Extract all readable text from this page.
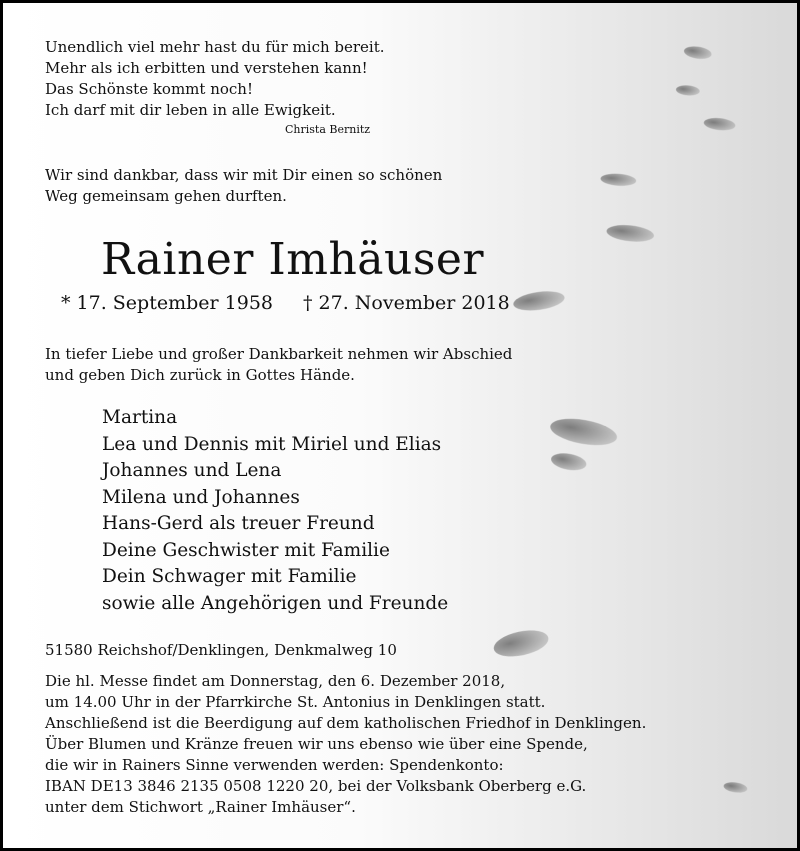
Unendlich viel mehr hast du für mich bereit.
Mehr als ich erbitten und verstehen kann!
Das Schönste kommt noch!
Ich darf mit dir leben in alle Ewigkeit.

Christa Bernitz

Wir sind dankbar, dass wir mit Dir einen so schönen
Weg gemeinsam gehen durften.

Rainer Imhäuser
* 17. September 1958 † 27. November 2018

In tiefer Liebe und großer Dankbarkeit nehmen wir Abschied
und geben Dich zurück in Gottes Hände.

Martina
Lea und Dennis mit Miriel und Elias
Johannes und Lena
Milena und Johannes
Hans-Gerd als treuer Freund
Deine Geschwister mit Familie
Dein Schwager mit Familie
sowie alle Angehörigen und Freunde

51580 Reichshof/Denklingen, Denkmalweg 10

Die hl. Messe findet am Donnerstag, den 6. Dezember 2018,
um 14.00 Uhr in der Pfarrkirche St. Antonius in Denklingen statt.
Anschließend ist die Beerdigung auf dem katholischen Friedhof in Denklingen.
Über Blumen und Kränze freuen wir uns ebenso wie über eine Spende,
die wir in Rainers Sinne verwenden werden: Spendenkonto:
IBAN DE13 3846 2135 0508 1220 20, bei der Volksbank Oberberg e.G.
unter dem Stichwort „Rainer Imhäuser“.
